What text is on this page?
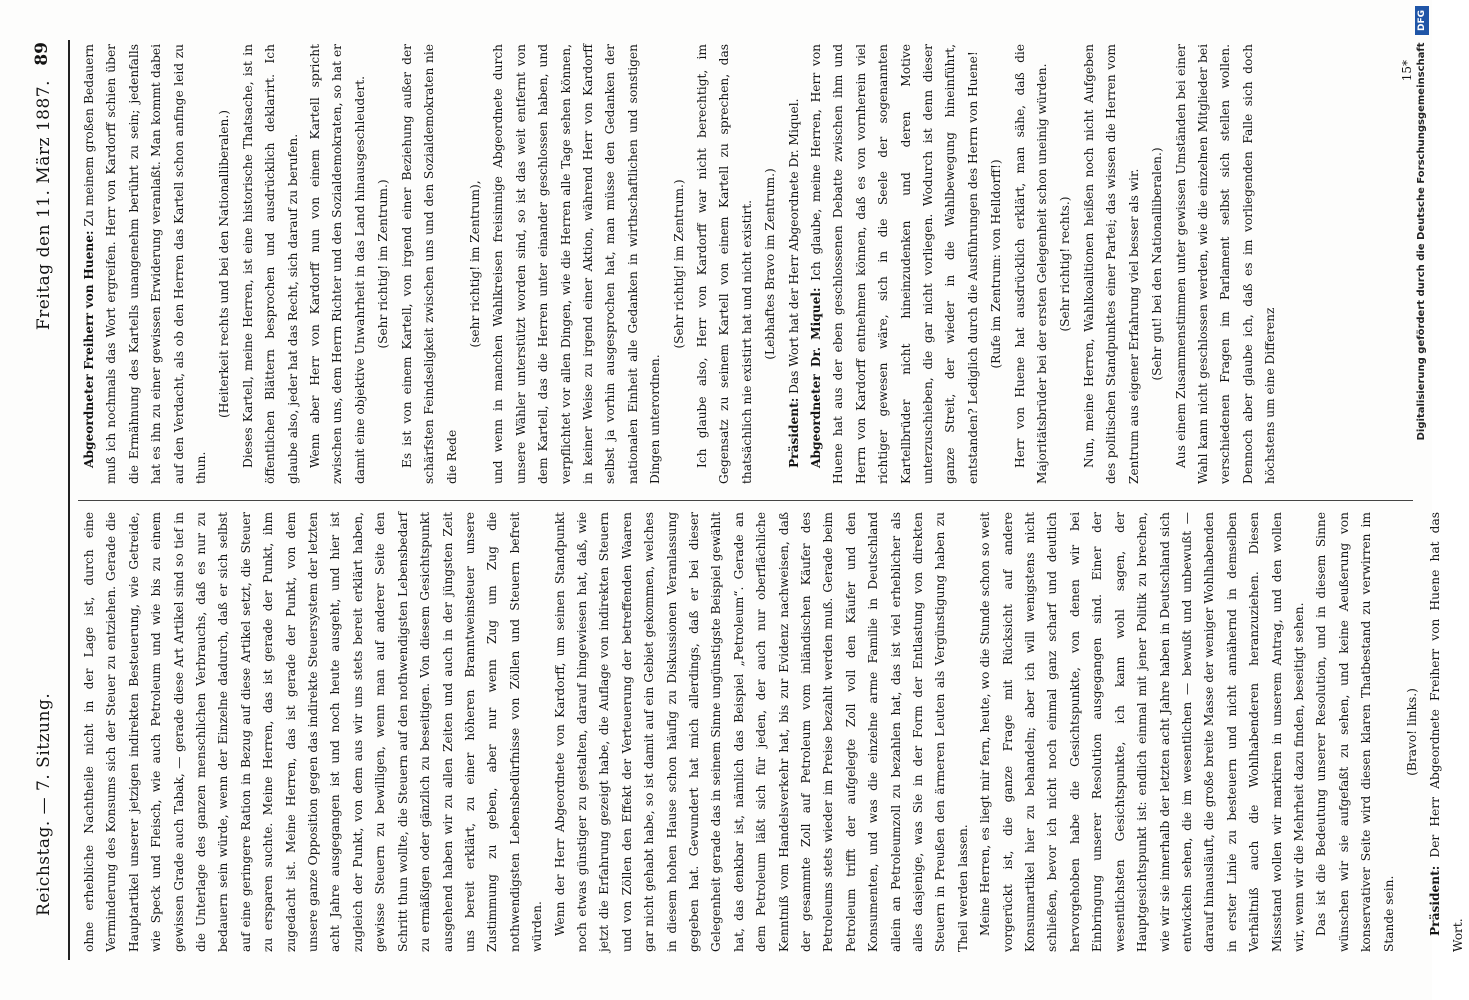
Reichstag. — 7. Sitzung.
Freitag den 11. März 1887.
89

ohne erhebliche Nachtheile nicht in der Lage ist, durch eine Verminderung des Konsums sich der Steuer zu entziehen. Gerade die Hauptartikel unserer jetzigen indirekten Besteuerung, wie Getreide, wie Speck und Fleisch, wie auch Petroleum und wie bis zu einem gewissen Grade auch Tabak, — gerade diese Art Artikel sind so tief in die Unterlage des ganzen menschlichen Verbrauchs, daß es nur zu bedauern sein würde, wenn der Einzelne dadurch, daß er sich selbst auf eine geringere Ration in Bezug auf diese Artikel setzt, die Steuer zu ersparen suchte. Meine Herren, das ist gerade der Punkt, ihm zugedacht ist. Meine Herren, das ist gerade der Punkt, von dem unsere ganze Opposition gegen das indirekte Steuersystem der letzten acht Jahre ausgegangen ist und noch heute ausgeht, und hier ist zugleich der Punkt, von dem aus wir uns stets bereit erklärt haben, gewisse Steuern zu bewilligen, wenn man auf anderer Seite den Schritt thun wollte, die Steuern auf den nothwendigsten Lebensbedarf zu ermäßigen oder gänzlich zu beseitigen. Von diesem Gesichtspunkt ausgehend haben wir zu allen Zeiten und auch in der jüngsten Zeit uns bereit erklärt, zu einer höheren Branntweinsteuer unsere Zustimmung zu geben, aber nur wenn Zug um Zug die nothwendigsten Lebensbedürfnisse von Zöllen und Steuern befreit würden. Wenn der Herr Abgeordnete von Kardorff, um seinen Standpunkt noch etwas günstiger zu gestalten, darauf hingewiesen hat, daß, wie jetzt die Erfahrung gezeigt habe, die Auflage von indirekten Steuern und von Zöllen den Effekt der Verteuerung der betreffenden Waaren gar nicht gehabt habe, so ist damit auf ein Gebiet gekommen, welches in diesem hohen Hause schon häufig zu Diskussionen Veranlassung gegeben hat. Gewundert hat mich allerdings, daß er bei dieser Gelegenheit gerade das in seinem Sinne ungünstigste Beispiel gewählt hat, das denkbar ist, nämlich das Beispiel „Petroleum“. Gerade an dem Petroleum läßt sich für jeden, der auch nur oberflächliche Kenntniß vom Handelsverkehr hat, bis zur Evidenz nachweisen, daß der gesammte Zoll auf Petroleum vom inländischen Käufer des Petroleums stets wieder im Preise bezahlt werden muß. Gerade beim Petroleum trifft der aufgelegte Zoll voll den Käufer und den Konsumenten, und was die einzelne arme Familie in Deutschland allein an Petroleumzoll zu bezahlen hat, das ist viel erheblicher als alles dasjenige, was Sie in der Form der Entlastung von direkten Steuern in Preußen den ärmeren Leuten als Vergünstigung haben zu Theil werden lassen. Meine Herren, es liegt mir fern, heute, wo die Stunde schon so weit vorgerückt ist, die ganze Frage mit Rücksicht auf andere Konsumartikel hier zu behandeln; aber ich will wenigstens nicht schließen, bevor ich nicht noch einmal ganz scharf und deutlich hervorgehoben habe die Gesichtspunkte, von denen wir bei Einbringung unserer Resolution ausgegangen sind. Einer der wesentlichsten Gesichtspunkte, ich kann wohl sagen, der Hauptgesichtspunkt ist: endlich einmal mit jener Politik zu brechen, wie wir sie innerhalb der letzten acht Jahre haben in Deutschland sich entwickeln sehen, die im wesentlichen — bewußt und unbewußt — darauf hinausläuft, die große breite Masse der weniger Wohlhabenden in erster Linie zu besteuern und nicht annähernd in demselben Verhältniß auch die Wohlhabenderen heranzuziehen. Diesen Missstand wollen wir markiren in unserem Antrag, und den wollen wir, wenn wir die Mehrheit dazu finden, beseitigt sehen. Das ist die Bedeutung unserer Resolution, und in diesem Sinne wünschen wir sie aufgefaßt zu sehen, und keine Aeußerung von konservativer Seite wird diesen klaren Thatbestand zu verwirren im Stande sein.

(Bravo! links.)

Präsident: Der Herr Abgeordnete Freiherr von Huene hat das Wort.

Abgeordneter Freiherr von Huene: Zu meinem großen Bedauern muß ich nochmals das Wort ergreifen. Herr von Kardorff schien über die Ermähnung des Kartells unangenehm berührt zu sein; jedenfalls hat es ihn zu einer gewissen Erwiderung veranlaßt. Man kommt dabei auf den Verdacht, als ob den Herren das Kartell schon anfinge leid zu thun.

(Heiterkeit rechts und bei den Nationalliberalen.) Dieses Kartell, meine Herren, ist eine historische Thatsache, ist in öffentlichen Blättern besprochen und ausdrücklich deklarirt. Ich glaube also, jeder hat das Recht, sich darauf zu berufen. Wenn aber Herr von Kardorff nun von einem Kartell spricht zwischen uns, dem Herrn Richter und den Sozialdemokraten, so hat er damit eine objektive Unwahrheit in das Land hinausgeschleudert. (Sehr richtig! im Zentrum.) Es ist von einem Kartell, von irgend einer Beziehung außer der schärfsten Feindseligkeit zwischen uns und den Sozialdemokraten nie die Rede

(sehr richtig! im Zentrum), und wenn in manchen Wahlkreisen freisinnige Abgeordnete durch unsere Wähler unterstützt worden sind, so ist das weit entfernt von dem Kartell, das die Herren unter einander geschlossen haben, und verpflichtet vor allen Dingen, wie die Herren alle Tage sehen können, in keiner Weise zu irgend einer Aktion, während Herr von Kardorff selbst ja vorhin ausgesprochen hat, man müsse den Gedanken der nationalen Einheit alle Gedanken in wirthschaftlichen und sonstigen Dingen unterordnen.

(Sehr richtig! im Zentrum.) Ich glaube also, Herr von Kardorff war nicht berechtigt, im Gegensatz zu seinem Kartell von einem Kartell zu sprechen, das thatsächlich nie existirt hat und nicht existirt. (Lebhaftes Bravo im Zentrum.)

Präsident: Das Wort hat der Herr Abgeordnete Dr. Miquel. Abgeordneter Dr. Miquel: Ich glaube, meine Herren, Herr von Huene hat aus der eben geschlossenen Debatte zwischen ihm und Herrn von Kardorff entnehmen können, daß es von vornherein viel richtiger gewesen wäre, sich in die Seele der sogenannten Kartellbrüder nicht hineinzudenken und deren Motive unterzuschieben, die gar nicht vorliegen. Wodurch ist denn dieser ganze Streit, der wieder in die Wahlbewegung hineinführt, entstanden? Lediglich durch die Ausführungen des Herrn von Huene! (Rufe im Zentrum: von Helldorff!) Herr von Huene hat ausdrücklich erklärt, man sähe, daß die Majoritätsbrüder bei der ersten Gelegenheit schon uneinig würden. (Sehr richtig! rechts.) Nun, meine Herren, Wahlkoalitionen heißen noch nicht Aufgeben des politischen Standpunktes einer Partei; das wissen die Herren vom Zentrum aus eigener Erfahrung viel besser als wir. (Sehr gut! bei den Nationalliberalen.) Aus einem Zusammenstimmen unter gewissen Umständen bei einer Wahl kann nicht geschlossen werden, wie die einzelnen Mitglieder bei verschiedenen Fragen im Parlament selbst sich stellen wollen. Dennoch aber glaube ich, daß es im vorliegenden Falle sich doch höchstens um eine Differenz

15* Digitalisierung gefördert durch die Deutsche Forschungsgemeinschaft DFG
